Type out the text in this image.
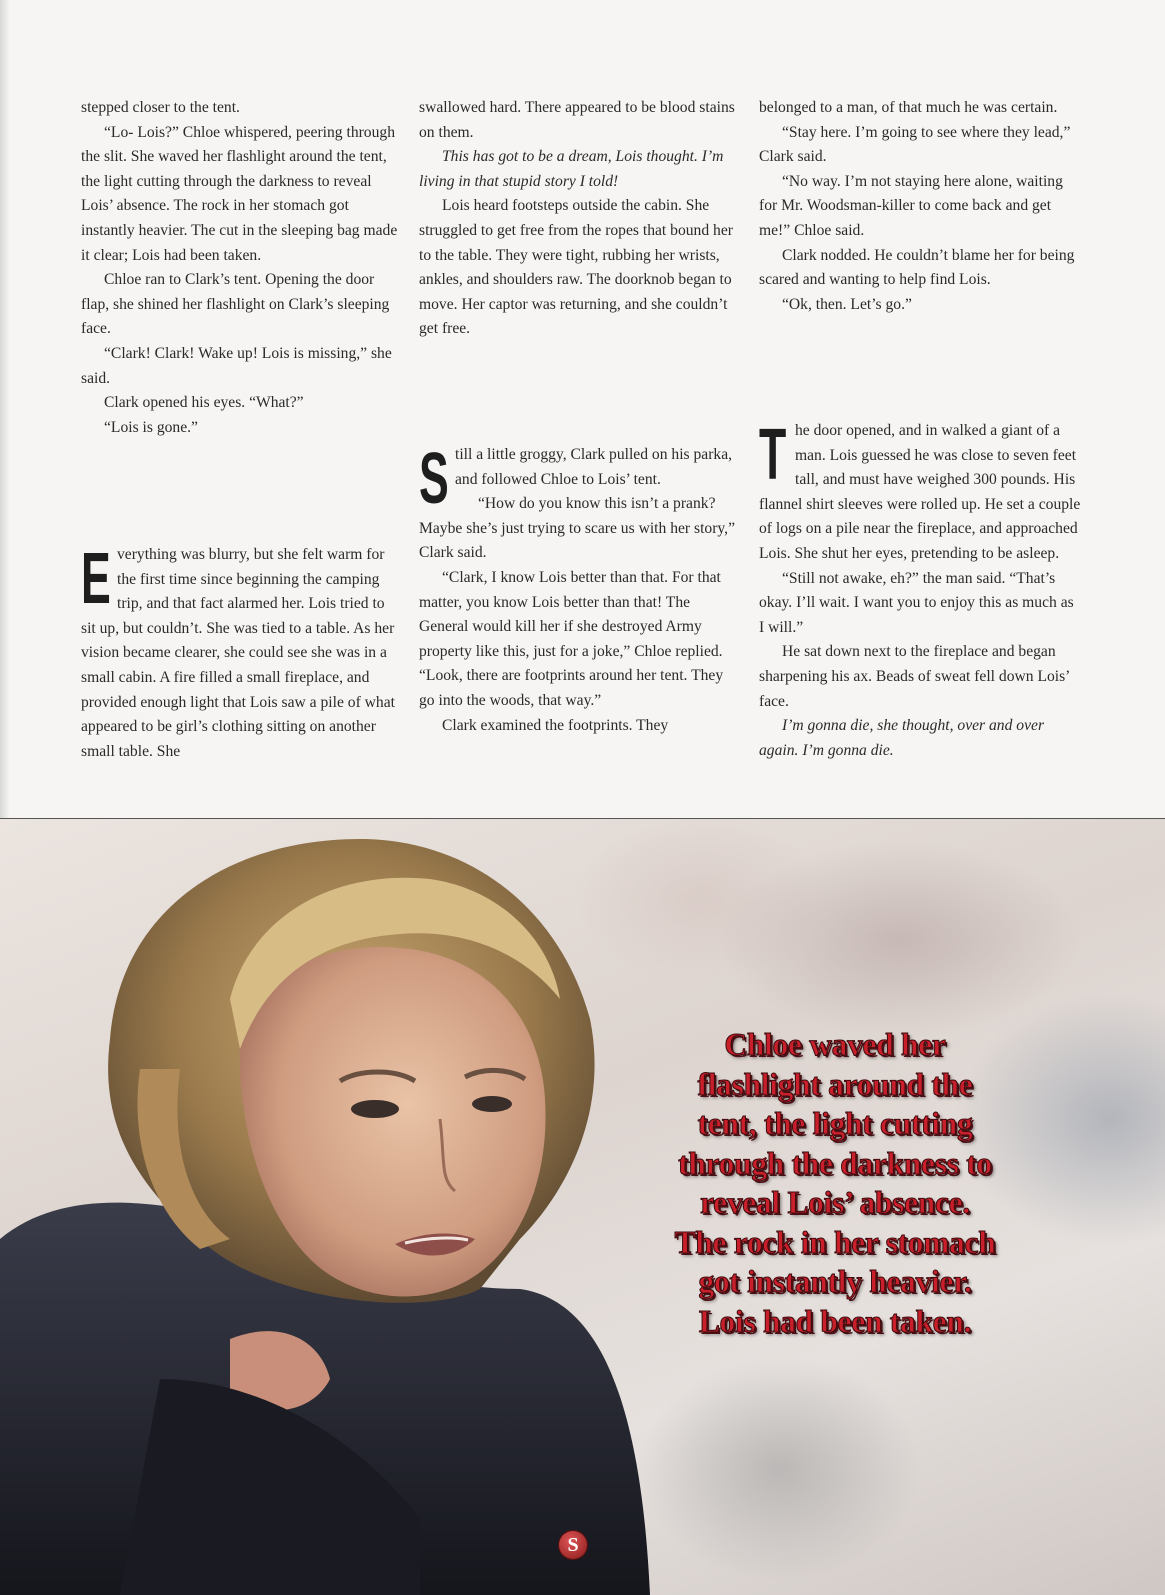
stepped closer to the tent.

“Lo- Lois?” Chloe whispered, peering through the slit. She waved her flashlight around the tent, the light cutting through the darkness to reveal Lois’ absence. The rock in her stomach got instantly heavier. The cut in the sleeping bag made it clear; Lois had been taken.

Chloe ran to Clark’s tent. Opening the door flap, she shined her flashlight on Clark’s sleeping face.

“Clark! Clark! Wake up! Lois is missing,” she said.

Clark opened his eyes. “What?”

“Lois is gone.”

swallowed hard. There appeared to be blood stains on them.

This has got to be a dream, Lois thought. I’m living in that stupid story I told!

Lois heard footsteps outside the cabin. She struggled to get free from the ropes that bound her to the table. They were tight, rubbing her wrists, ankles, and shoulders raw. The doorknob began to move. Her captor was returning, and she couldn’t get free.

belonged to a man, of that much he was certain.

“Stay here. I’m going to see where they lead,” Clark said.

“No way. I’m not staying here alone, waiting for Mr. Woodsman-killer to come back and get me!” Chloe said.

Clark nodded. He couldn’t blame her for being scared and wanting to help find Lois.

“Ok, then. Let’s go.”

Everything was blurry, but she felt warm for the first time since beginning the camping trip, and that fact alarmed her. Lois tried to sit up, but couldn’t. She was tied to a table. As her vision became clearer, she could see she was in a small cabin. A fire filled a small fireplace, and provided enough light that Lois saw a pile of what appeared to be girl’s clothing sitting on another small table. She

Still a little groggy, Clark pulled on his parka, and followed Chloe to Lois’ tent.

“How do you know this isn’t a prank? Maybe she’s just trying to scare us with her story,” Clark said.

“Clark, I know Lois better than that. For that matter, you know Lois better than that! The General would kill her if she destroyed Army property like this, just for a joke,” Chloe replied. “Look, there are footprints around her tent. They go into the woods, that way.”

Clark examined the footprints. They

The door opened, and in walked a giant of a man. Lois guessed he was close to seven feet tall, and must have weighed 300 pounds. His flannel shirt sleeves were rolled up. He set a couple of logs on a pile near the fireplace, and approached Lois. She shut her eyes, pretending to be asleep.

“Still not awake, eh?” the man said. “That’s okay. I’ll wait. I want you to enjoy this as much as I will.”

He sat down next to the fireplace and began sharpening his ax. Beads of sweat fell down Lois’ face.

I’m gonna die, she thought, over and over again. I’m gonna die.

Chloe waved her
flashlight around the
tent, the light cutting
through the darkness to
reveal Lois’ absence.
The rock in her stomach
got instantly heavier.
Lois had been taken.
S
